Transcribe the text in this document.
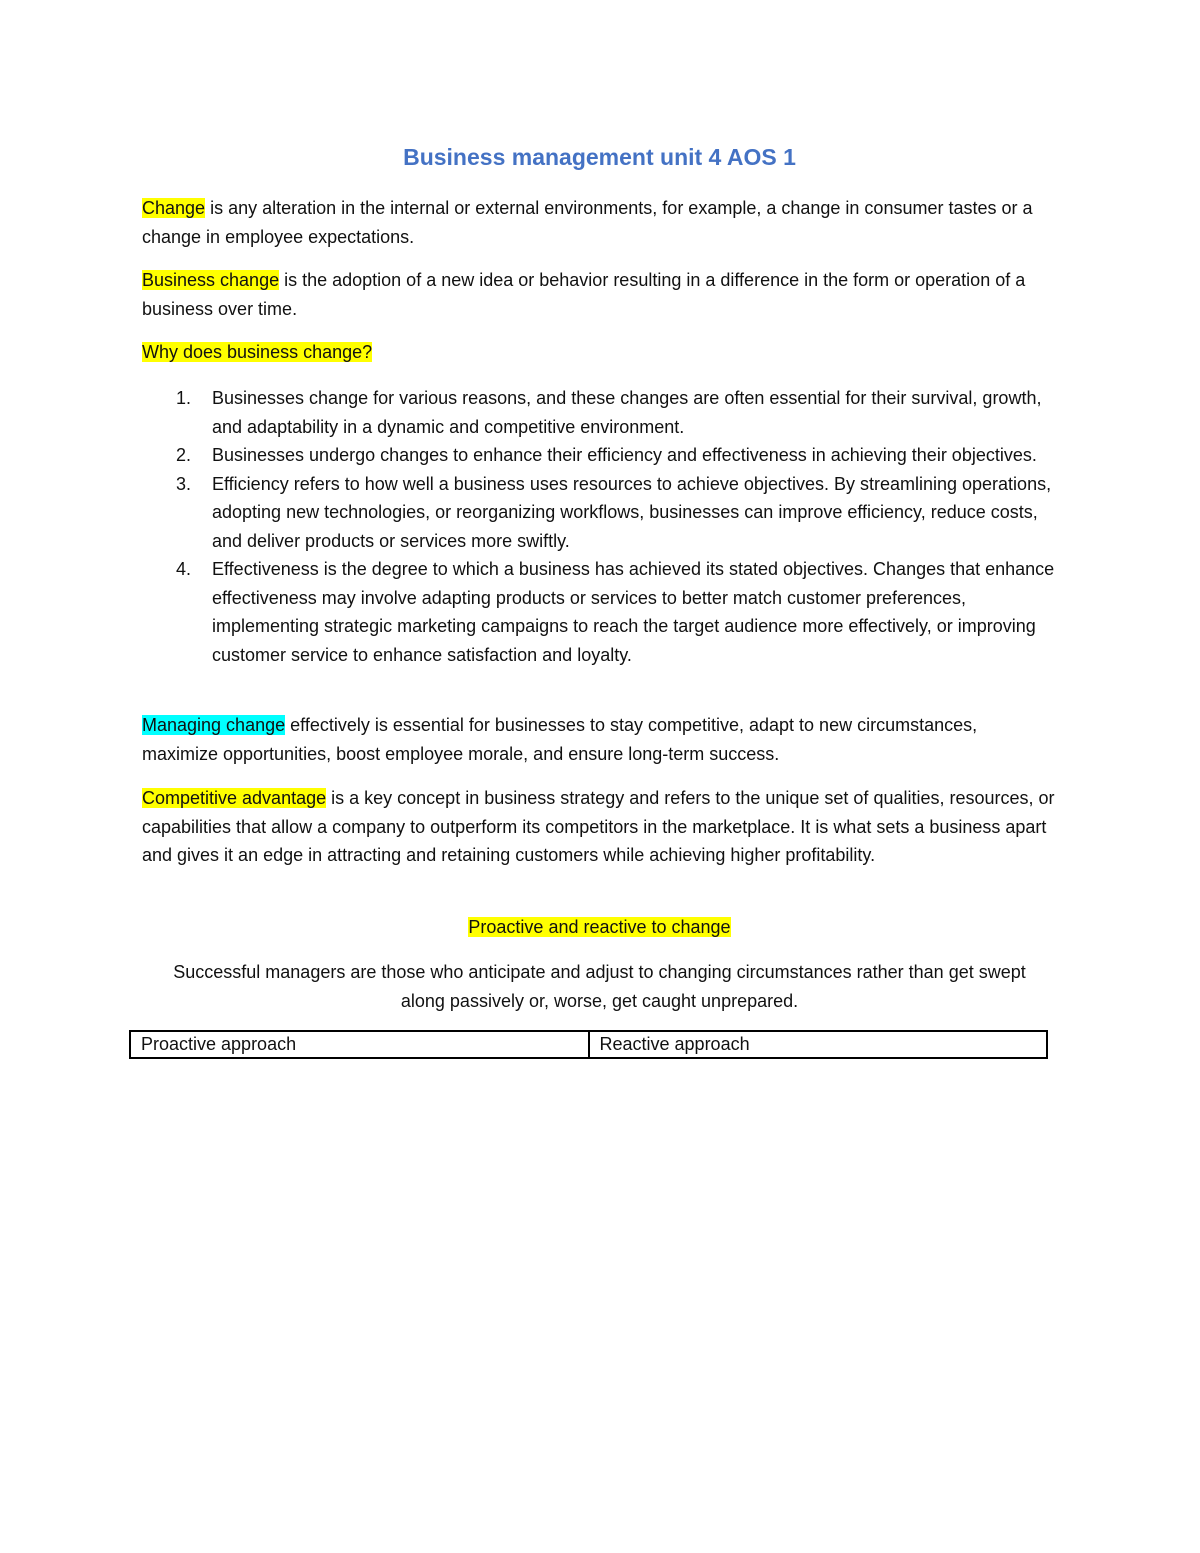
Business management unit 4 AOS 1

Change is any alteration in the internal or external environments, for example, a change in consumer tastes or a change in employee expectations.

Business change is the adoption of a new idea or behavior resulting in a difference in the form or operation of a business over time.

Why does business change?

1. Businesses change for various reasons, and these changes are often essential for their survival, growth, and adaptability in a dynamic and competitive environment.
2. Businesses undergo changes to enhance their efficiency and effectiveness in achieving their objectives.
3. Efficiency refers to how well a business uses resources to achieve objectives. By streamlining operations, adopting new technologies, or reorganizing workflows, businesses can improve efficiency, reduce costs, and deliver products or services more swiftly.
4. Effectiveness is the degree to which a business has achieved its stated objectives. Changes that enhance effectiveness may involve adapting products or services to better match customer preferences, implementing strategic marketing campaigns to reach the target audience more effectively, or improving customer service to enhance satisfaction and loyalty.

Managing change effectively is essential for businesses to stay competitive, adapt to new circumstances, maximize opportunities, boost employee morale, and ensure long-term success.

Competitive advantage is a key concept in business strategy and refers to the unique set of qualities, resources, or capabilities that allow a company to outperform its competitors in the marketplace. It is what sets a business apart and gives it an edge in attracting and retaining customers while achieving higher profitability.

Proactive and reactive to change

Successful managers are those who anticipate and adjust to changing circumstances rather than get swept along passively or, worse, get caught unprepared.

Proactive approach	Reactive approach
